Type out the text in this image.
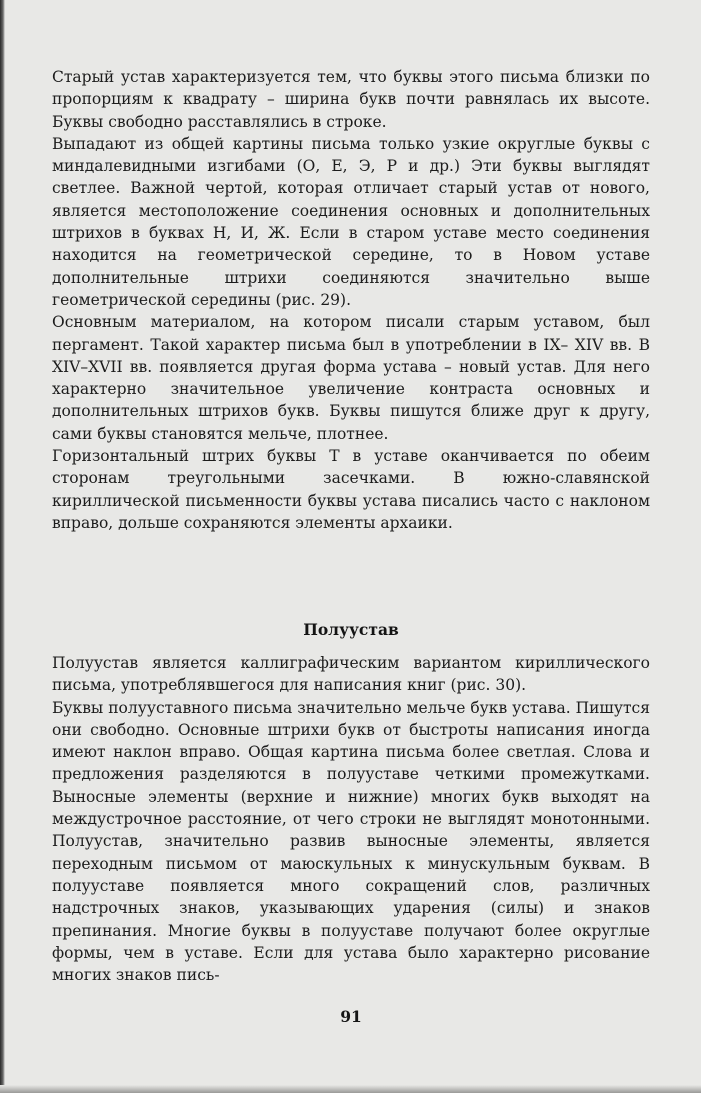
Старый устав характеризуется тем, что буквы этого письма близки по пропорциям к квадрату – ширина букв почти равнялась их высоте. Буквы свободно расставлялись в строке.

Выпадают из общей картины письма только узкие округлые буквы с миндалевидными изгибами (О, Е, Э, Р и др.) Эти буквы выглядят светлее. Важной чертой, которая отличает старый устав от нового, является местоположение соединения основных и дополнительных штрихов в буквах Н, И, Ж. Если в старом уставе место соединения находится на геометрической середине, то в Новом уставе дополнительные штрихи соединяются значительно выше геометрической середины (рис. 29).

Основным материалом, на котором писали старым уставом, был пергамент. Такой характер письма был в употреблении в IX– XIV вв. В XIV–XVII вв. появляется другая форма устава – новый устав. Для него характерно значительное увеличение контраста основных и дополнительных штрихов букв. Буквы пишутся ближе друг к другу, сами буквы становятся мельче, плотнее.

Горизонтальный штрих буквы Т в уставе оканчивается по обеим сторонам треугольными засечками. В южно-славянской кириллической письменности буквы устава писались часто с наклоном вправо, дольше сохраняются элементы архаики.

Полуустав

Полуустав является каллиграфическим вариантом кириллического письма, употреблявшегося для написания книг (рис. 30).

Буквы полууставного письма значительно мельче букв устава. Пишутся они свободно. Основные штрихи букв от быстроты написания иногда имеют наклон вправо. Общая картина письма более светлая. Слова и предложения разделяются в полууставе четкими промежутками. Выносные элементы (верхние и нижние) многих букв выходят на междустрочное расстояние, от чего строки не выглядят монотонными. Полуустав, значительно развив выносные элементы, является переходным письмом от маюскульных к минускульным буквам. В полууставе появляется много сокращений слов, различных надстрочных знаков, указывающих ударения (силы) и знаков препинания. Многие буквы в полууставе получают более округлые формы, чем в уставе. Если для устава было характерно рисование многих знаков пись-

91
